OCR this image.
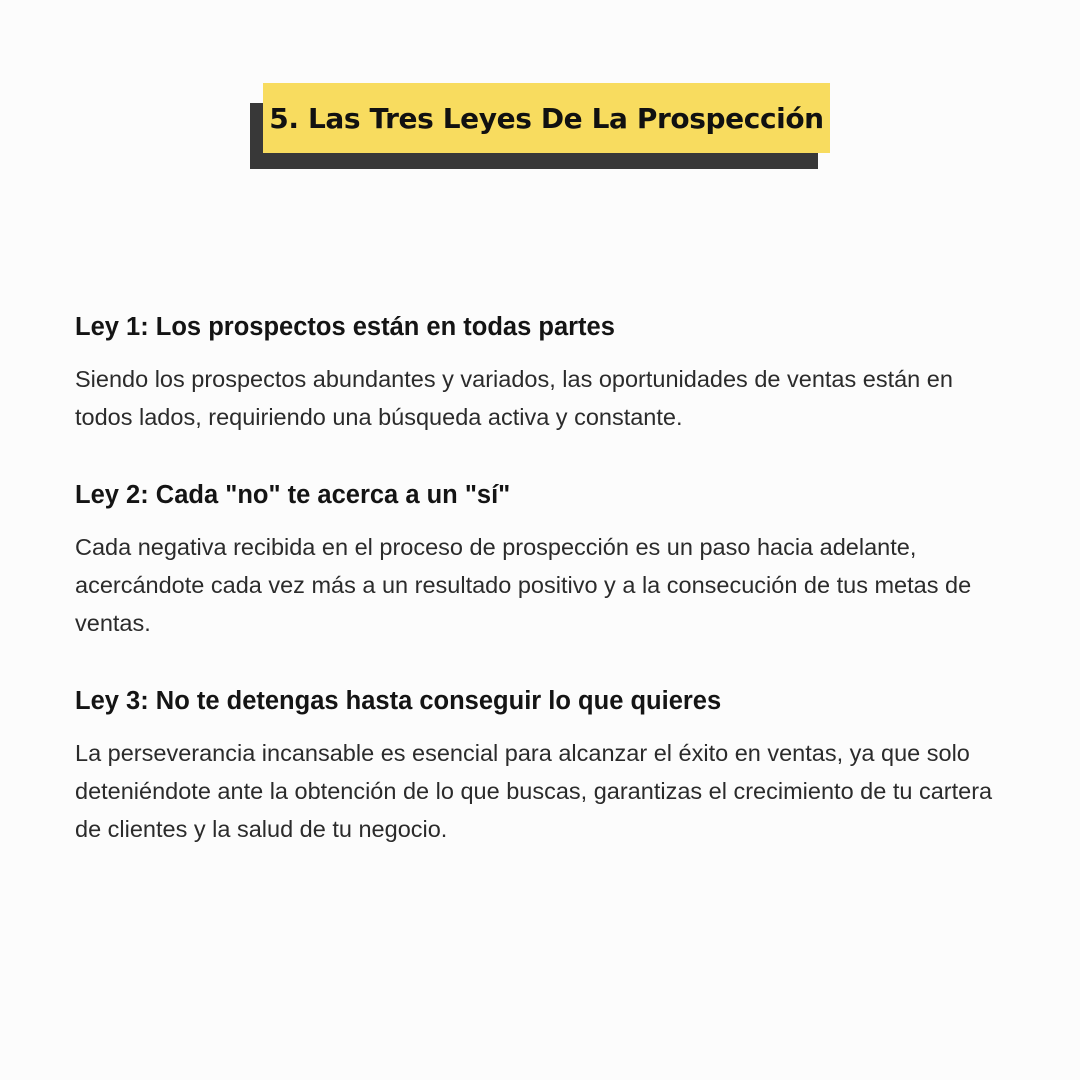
5. Las Tres Leyes De La Prospección
Ley 1: Los prospectos están en todas partes

Siendo los prospectos abundantes y variados, las oportunidades de ventas están en todos lados, requiriendo una búsqueda activa y constante.

Ley 2: Cada "no" te acerca a un "sí"

Cada negativa recibida en el proceso de prospección es un paso hacia adelante, acercándote cada vez más a un resultado positivo y a la consecución de tus metas de ventas.

Ley 3: No te detengas hasta conseguir lo que quieres

La perseverancia incansable es esencial para alcanzar el éxito en ventas, ya que solo deteniéndote ante la obtención de lo que buscas, garantizas el crecimiento de tu cartera de clientes y la salud de tu negocio.
